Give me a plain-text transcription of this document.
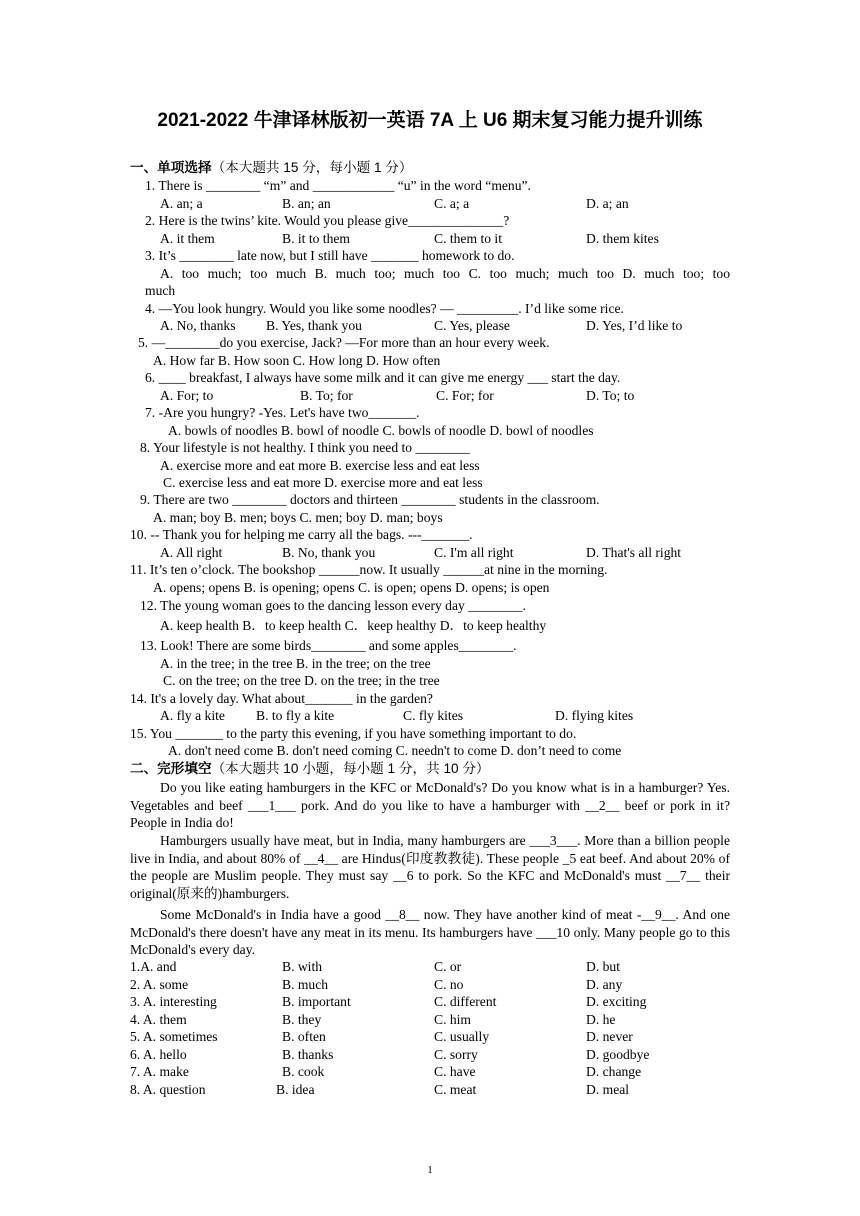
2021-2022 牛津译林版初一英语 7A 上 U6 期末复习能力提升训练
一、单项选择（本大题共 15 分，每小题 1 分）
1. There is ________ “m” and ____________ “u” in the word “menu”.
A. an; a	B. an; an	C. a; a	D. a; an
2. Here is the twins’ kite. Would you please give______________?
A. it them	B. it to them	C. them to it	D. them kites
3. It’s ________ late now, but I still have _______ homework to do.
A. too much; too much B. much too; much too C. too much; much too D. much too; too
much
4. —You look hungry. Would you like some noodles? — _________. I’d like some rice.
A. No, thanks B. Yes, thank you	C. Yes, please	D. Yes, I’d like to
5. —________do you exercise, Jack? —For more than an hour every week.
A. How far B. How soon C. How long D. How often
6. ____ breakfast, I always have some milk and it can give me energy ___ start the day.
A. For; to	B. To; for	C. For; for	D. To; to
7. -Are you hungry? -Yes. Let's have two_______.
A. bowls of noodles B. bowl of noodle C. bowls of noodle D. bowl of noodles
8. Your lifestyle is not healthy. I think you need to ________
A. exercise more and eat more B. exercise less and eat less
C. exercise less and eat more D. exercise more and eat less
9. There are two ________ doctors and thirteen ________ students in the classroom.
A. man; boy B. men; boys C. men; boy D. man; boys
10. -- Thank you for helping me carry all the bags. ---_______.
A. All right	B. No, thank you	C. I'm all right	D. That's all right
11. It’s ten o’clock. The bookshop ______now. It usually ______at nine in the morning.
A. opens; opens B. is opening; opens C. is open; opens D. opens; is open
12. The young woman goes to the dancing lesson every day ________.
A. keep health B．to keep health C．keep healthy D．to keep healthy
13. Look! There are some birds________ and some apples________.
A. in the tree; in the tree B. in the tree; on the tree
C. on the tree; on the tree D. on the tree; in the tree
14. It's a lovely day. What about_______ in the garden?
A. fly a kite B. to fly a kite	C. fly kites	D. flying kites
15. You _______ to the party this evening, if you have something important to do.
A. don't need come B. don't need coming C. needn't to come D. don’t need to come
二、完形填空（本大题共 10 小题，每小题 1 分，共 10 分）
Do you like eating hamburgers in the KFC or McDonald's? Do you know what is in a hamburger? Yes. Vegetables and beef ___1___ pork. And do you like to have a hamburger with __2__ beef or pork in it? People in India do!
Hamburgers usually have meat, but in India, many hamburgers are ___3___. More than a billion people live in India, and about 80% of __4__ are Hindus(印度教教徒). These people _5 eat beef. And about 20% of the people are Muslim people. They must say __6 to pork. So the KFC and McDonald's must __7__ their original(原来的)hamburgers.
Some McDonald's in India have a good __8__ now. They have another kind of meat -__9__. And one McDonald's there doesn't have any meat in its menu. Its hamburgers have ___10 only. Many people go to this McDonald's every day.
1.A. and	B. with	C. or	D. but
2. A. some	B. much	C. no	D. any
3. A. interesting	B. important	C. different	D. exciting
4. A. them	B. they	C. him	D. he
5. A. sometimes	B. often	C. usually	D. never
6. A. hello	B. thanks	C. sorry	D. goodbye
7. A. make	B. cook	C. have	D. change
8. A. question	B. idea	C. meat	D. meal
1
